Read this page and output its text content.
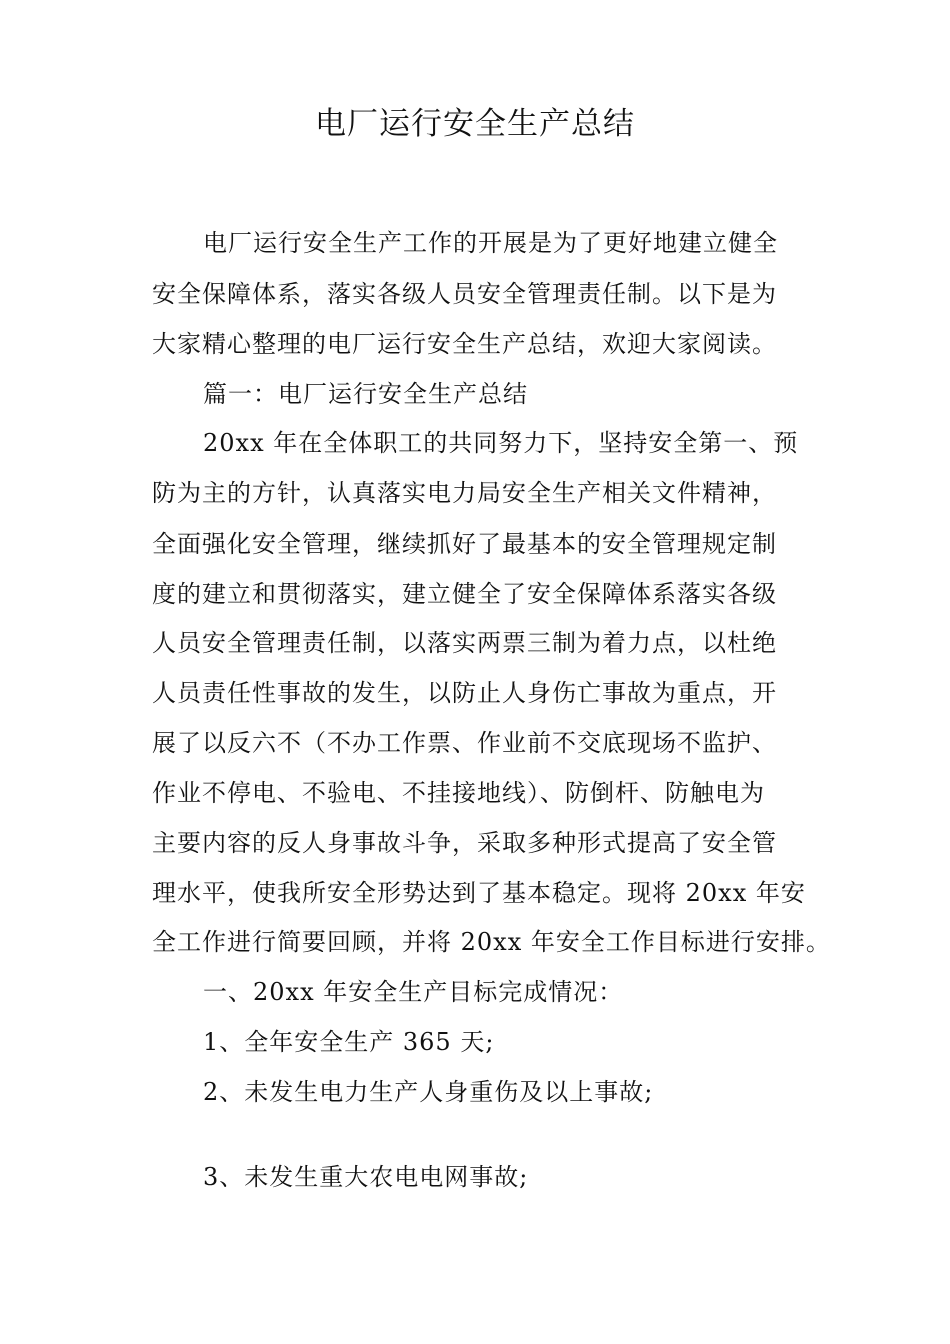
电厂运行安全生产总结
电厂运行安全生产工作的开展是为了更好地建立健全
安全保障体系，落实各级人员安全管理责任制。以下是为
大家精心整理的电厂运行安全生产总结，欢迎大家阅读。
篇一：电厂运行安全生产总结
20xx 年在全体职工的共同努力下，坚持安全第一、预
防为主的方针，认真落实电力局安全生产相关文件精神，
全面强化安全管理，继续抓好了最基本的安全管理规定制
度的建立和贯彻落实，建立健全了安全保障体系落实各级
人员安全管理责任制，以落实两票三制为着力点，以杜绝
人员责任性事故的发生，以防止人身伤亡事故为重点，开
展了以反六不（不办工作票、作业前不交底现场不监护、
作业不停电、不验电、不挂接地线）、防倒杆、防触电为
主要内容的反人身事故斗争，采取多种形式提高了安全管
理水平，使我所安全形势达到了基本稳定。现将 20xx 年安
全工作进行简要回顾，并将 20xx 年安全工作目标进行安排。
一、20xx 年安全生产目标完成情况：
1、全年安全生产 365 天;
2、未发生电力生产人身重伤及以上事故;
3、未发生重大农电电网事故;
